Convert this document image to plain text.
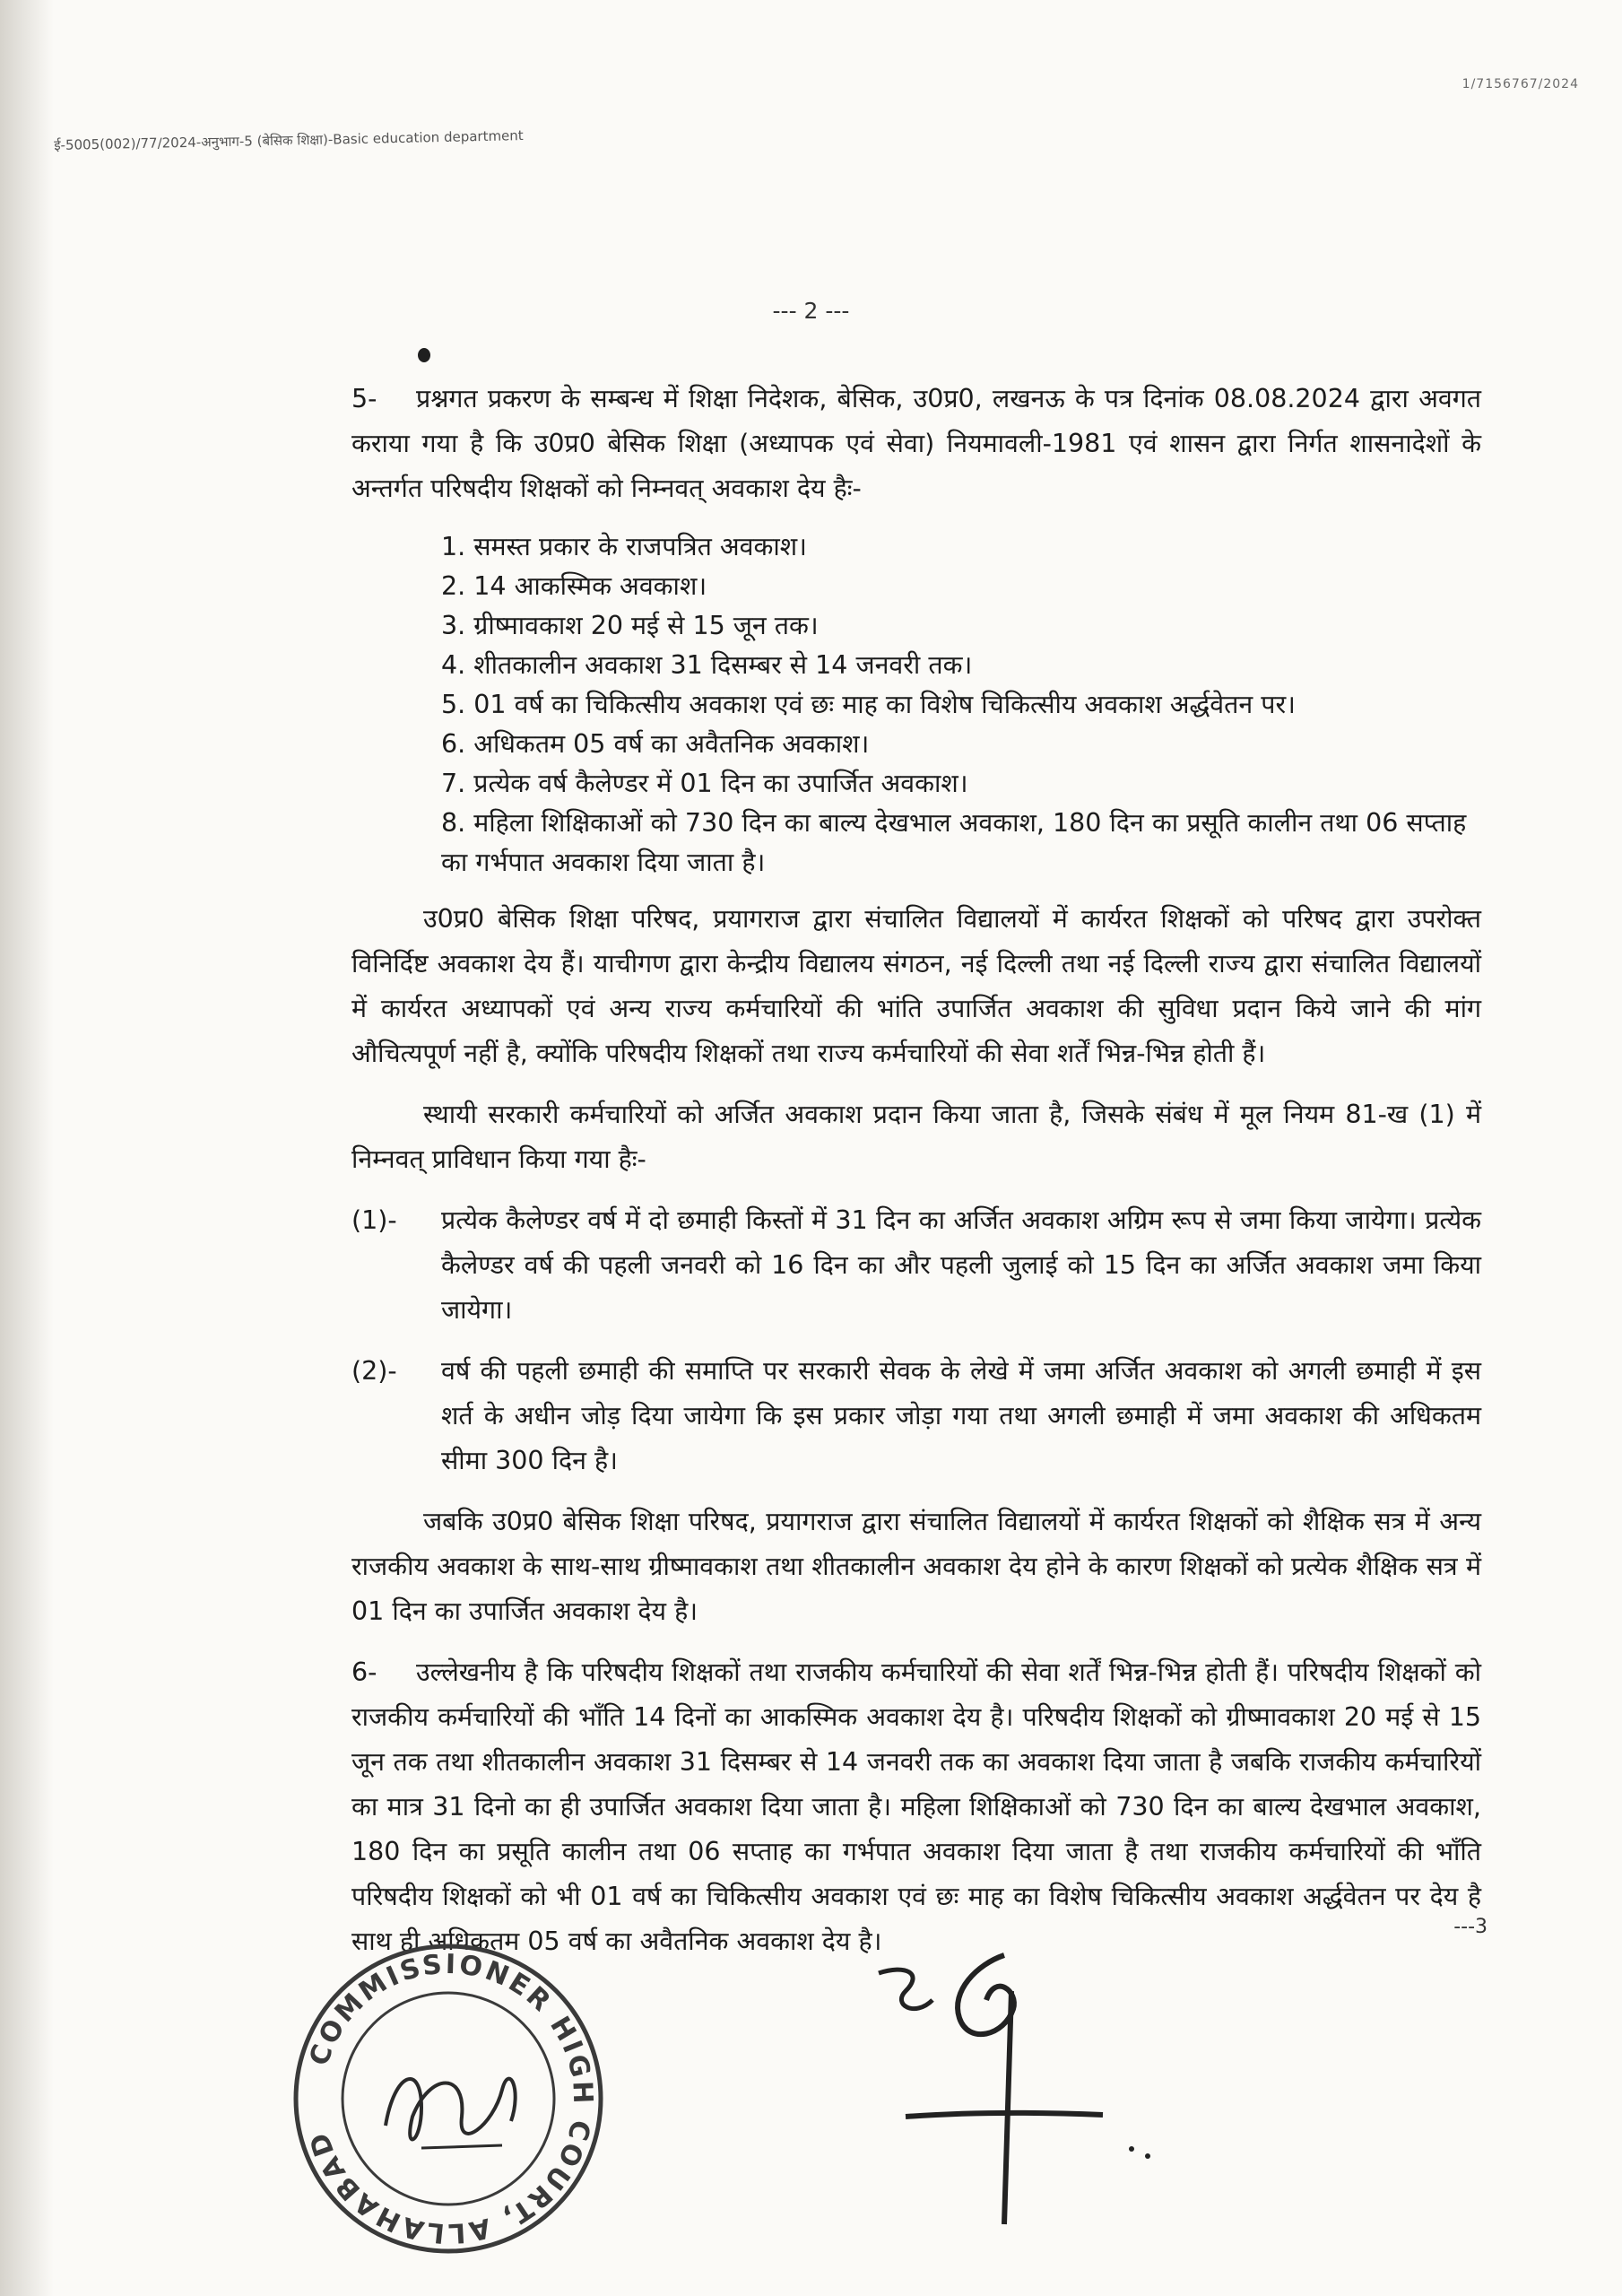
1/7156767/2024
ई-5005(002)/77/2024-अनुभाग-5 (बेसिक शिक्षा)-Basic education department
--- 2 ---

5- प्रश्नगत प्रकरण के सम्बन्ध में शिक्षा निदेशक, बेसिक, उ0प्र0, लखनऊ के पत्र दिनांक 08.08.2024 द्वारा अवगत कराया गया है कि उ0प्र0 बेसिक शिक्षा (अध्यापक एवं सेवा) नियमावली-1981 एवं शासन द्वारा निर्गत शासनादेशों के अन्तर्गत परिषदीय शिक्षकों को निम्नवत् अवकाश देय हैः-

1. समस्त प्रकार के राजपत्रित अवकाश।
2. 14 आकस्मिक अवकाश।
3. ग्रीष्मावकाश 20 मई से 15 जून तक।
4. शीतकालीन अवकाश 31 दिसम्बर से 14 जनवरी तक।
5. 01 वर्ष का चिकित्सीय अवकाश एवं छः माह का विशेष चिकित्सीय अवकाश अर्द्धवेतन पर।
6. अधिकतम 05 वर्ष का अवैतनिक अवकाश।
7. प्रत्येक वर्ष कैलेण्डर में 01 दिन का उपार्जित अवकाश।
8. महिला शिक्षिकाओं को 730 दिन का बाल्य देखभाल अवकाश, 180 दिन का प्रसूति कालीन तथा 06 सप्ताह का गर्भपात अवकाश दिया जाता है।

उ0प्र0 बेसिक शिक्षा परिषद, प्रयागराज द्वारा संचालित विद्यालयों में कार्यरत शिक्षकों को परिषद द्वारा उपरोक्त विनिर्दिष्ट अवकाश देय हैं। याचीगण द्वारा केन्द्रीय विद्यालय संगठन, नई दिल्ली तथा नई दिल्ली राज्य द्वारा संचालित विद्यालयों में कार्यरत अध्यापकों एवं अन्य राज्य कर्मचारियों की भांति उपार्जित अवकाश की सुविधा प्रदान किये जाने की मांग औचित्यपूर्ण नहीं है, क्योंकि परिषदीय शिक्षकों तथा राज्य कर्मचारियों की सेवा शर्तें भिन्न-भिन्न होती हैं।

स्थायी सरकारी कर्मचारियों को अर्जित अवकाश प्रदान किया जाता है, जिसके संबंध में मूल नियम 81-ख (1) में निम्नवत् प्राविधान किया गया हैः-

(1)-	प्रत्येक कैलेण्डर वर्ष में दो छमाही किस्तों में 31 दिन का अर्जित अवकाश अग्रिम रूप से जमा किया जायेगा। प्रत्येक कैलेण्डर वर्ष की पहली जनवरी को 16 दिन का और पहली जुलाई को 15 दिन का अर्जित अवकाश जमा किया जायेगा।
(2)-	वर्ष की पहली छमाही की समाप्ति पर सरकारी सेवक के लेखे में जमा अर्जित अवकाश को अगली छमाही में इस शर्त के अधीन जोड़ दिया जायेगा कि इस प्रकार जोड़ा गया तथा अगली छमाही में जमा अवकाश की अधिकतम सीमा 300 दिन है।

जबकि उ0प्र0 बेसिक शिक्षा परिषद, प्रयागराज द्वारा संचालित विद्यालयों में कार्यरत शिक्षकों को शैक्षिक सत्र में अन्य राजकीय अवकाश के साथ-साथ ग्रीष्मावकाश तथा शीतकालीन अवकाश देय होने के कारण शिक्षकों को प्रत्येक शैक्षिक सत्र में 01 दिन का उपार्जित अवकाश देय है।

6- उल्लेखनीय है कि परिषदीय शिक्षकों तथा राजकीय कर्मचारियों की सेवा शर्तें भिन्न-भिन्न होती हैं। परिषदीय शिक्षकों को राजकीय कर्मचारियों की भाँति 14 दिनों का आकस्मिक अवकाश देय है। परिषदीय शिक्षकों को ग्रीष्मावकाश 20 मई से 15 जून तक तथा शीतकालीन अवकाश 31 दिसम्बर से 14 जनवरी तक का अवकाश दिया जाता है जबकि राजकीय कर्मचारियों का मात्र 31 दिनो का ही उपार्जित अवकाश दिया जाता है। महिला शिक्षिकाओं को 730 दिन का बाल्य देखभाल अवकाश, 180 दिन का प्रसूति कालीन तथा 06 सप्ताह का गर्भपात अवकाश दिया जाता है तथा राजकीय कर्मचारियों की भाँति परिषदीय शिक्षकों को भी 01 वर्ष का चिकित्सीय अवकाश एवं छः माह का विशेष चिकित्सीय अवकाश अर्द्धवेतन पर देय है साथ ही अधिकतम 05 वर्ष का अवैतनिक अवकाश देय है।	---3
COMMISSIONER HIGH COURT, ALLAHABAD
